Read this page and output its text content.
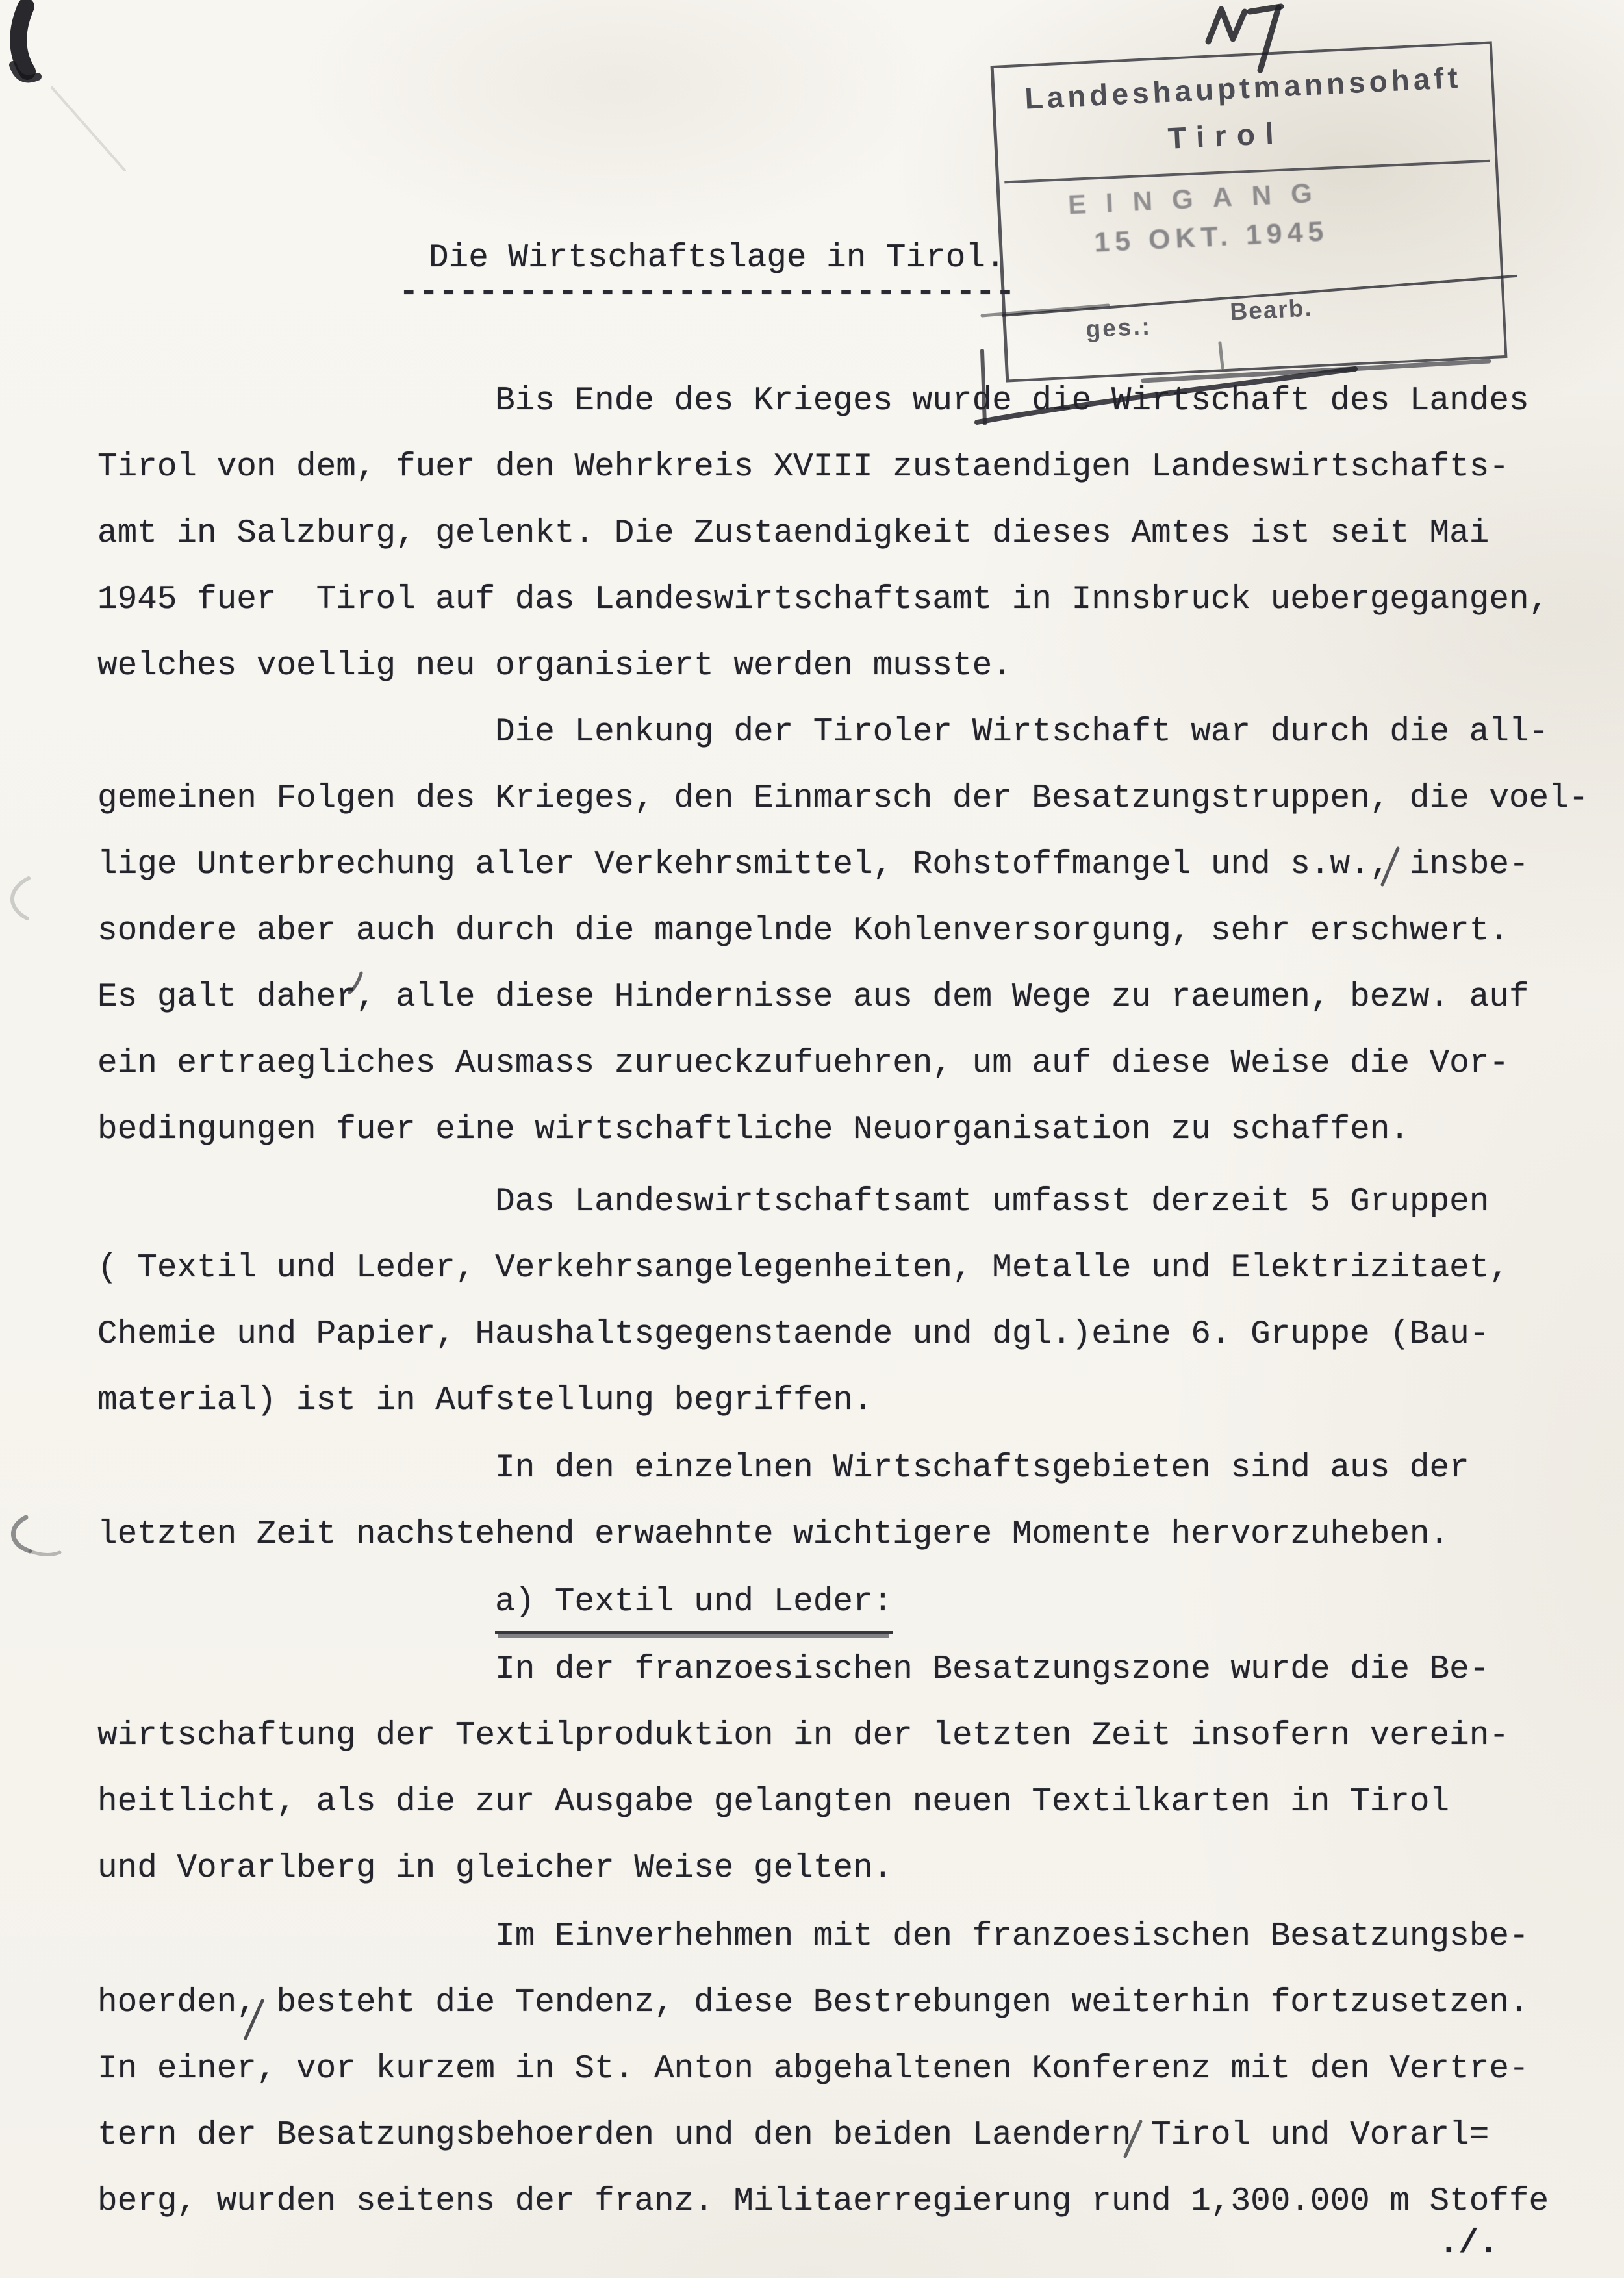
Die Wirtschaftslage in Tirol.
-------------------------------
Bis Ende des Krieges wurde die Wirtschaft des Landes
Tirol von dem, fuer den Wehrkreis XVIII zustaendigen Landeswirtschafts-
amt in Salzburg, gelenkt. Die Zustaendigkeit dieses Amtes ist seit Mai
1945 fuer  Tirol auf das Landeswirtschaftsamt in Innsbruck uebergegangen,
welches voellig neu organisiert werden musste.
Die Lenkung der Tiroler Wirtschaft war durch die all-
gemeinen Folgen des Krieges, den Einmarsch der Besatzungstruppen, die voel-
lige Unterbrechung aller Verkehrsmittel, Rohstoffmangel und s.w., insbe-
sondere aber auch durch die mangelnde Kohlenversorgung, sehr erschwert.
Es galt daher, alle diese Hindernisse aus dem Wege zu raeumen, bezw. auf
ein ertraegliches Ausmass zurueckzufuehren, um auf diese Weise die Vor-
bedingungen fuer eine wirtschaftliche Neuorganisation zu schaffen.
Das Landeswirtschaftsamt umfasst derzeit 5 Gruppen
( Textil und Leder, Verkehrsangelegenheiten, Metalle und Elektrizitaet,
Chemie und Papier, Haushaltsgegenstaende und dgl.)eine 6. Gruppe (Bau-
material) ist in Aufstellung begriffen.
In den einzelnen Wirtschaftsgebieten sind aus der
letzten Zeit nachstehend erwaehnte wichtigere Momente hervorzuheben.
a) Textil und Leder:
In der franzoesischen Besatzungszone wurde die Be-
wirtschaftung der Textilproduktion in der letzten Zeit insofern verein-
heitlicht, als die zur Ausgabe gelangten neuen Textilkarten in Tirol
und Vorarlberg in gleicher Weise gelten.
Im Einverhehmen mit den franzoesischen Besatzungsbe-
hoerden, besteht die Tendenz, diese Bestrebungen weiterhin fortzusetzen.
In einer, vor kurzem in St. Anton abgehaltenen Konferenz mit den Vertre-
tern der Besatzungsbehoerden und den beiden Laendern Tirol und Vorarl=
berg, wurden seitens der franz. Militaerregierung rund 1,300.000 m Stoffe
./.
Landeshauptmannsohaft
Tirol
EINGANG
15 OKT. 1945
ges.:
Bearb.
